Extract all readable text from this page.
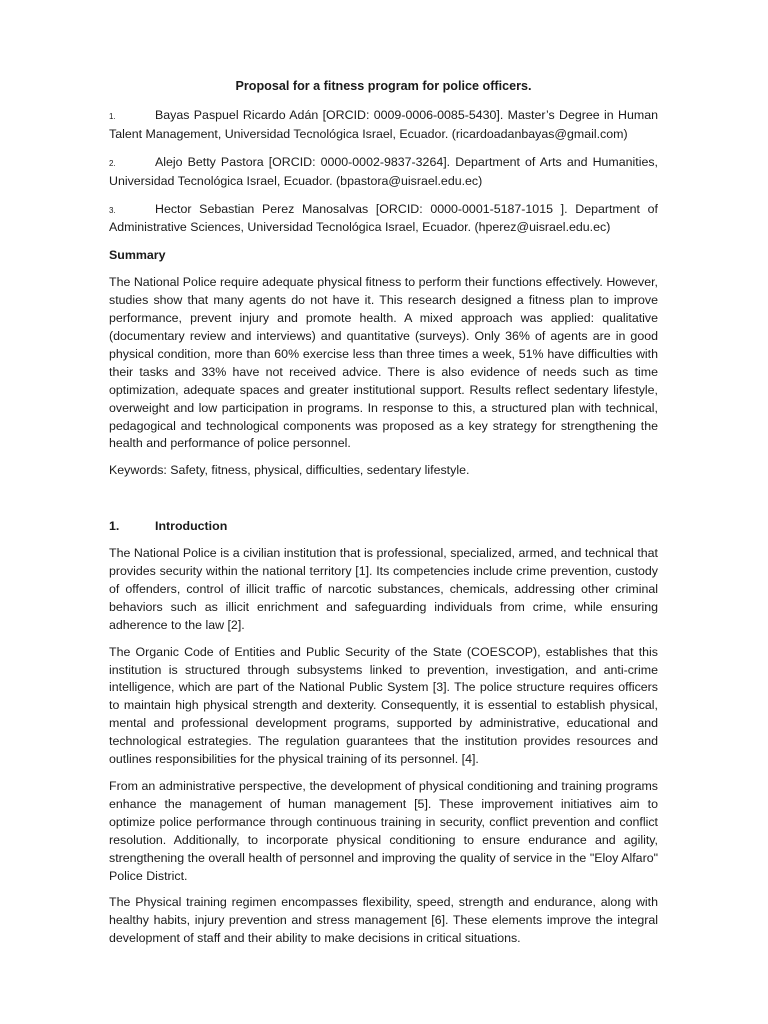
Proposal for a fitness program for police officers.
1.	Bayas Paspuel Ricardo Adán [ORCID: 0009-0006-0085-5430]. Master’s Degree in Human Talent Management, Universidad Tecnológica Israel, Ecuador. (ricardoadanbayas@gmail.com)
2.	Alejo Betty Pastora [ORCID: 0000-0002-9837-3264]. Department of Arts and Humanities, Universidad Tecnológica Israel, Ecuador. (bpastora@uisrael.edu.ec)
3.	Hector Sebastian Perez Manosalvas [ORCID: 0000-0001-5187-1015 ]. Department of Administrative Sciences, Universidad Tecnológica Israel, Ecuador. (hperez@uisrael.edu.ec)
Summary

The National Police require adequate physical fitness to perform their functions effectively. However, studies show that many agents do not have it. This research designed a fitness plan to improve performance, prevent injury and promote health. A mixed approach was applied: qualitative (documentary review and interviews) and quantitative (surveys). Only 36% of agents are in good physical condition, more than 60% exercise less than three times a week, 51% have difficulties with their tasks and 33% have not received advice. There is also evidence of needs such as time optimization, adequate spaces and greater institutional support. Results reflect sedentary lifestyle, overweight and low participation in programs. In response to this, a structured plan with technical, pedagogical and technological components was proposed as a key strategy for strengthening the health and performance of police personnel.

Keywords: Safety, fitness, physical, difficulties, sedentary lifestyle.

1.	Introduction

The National Police is a civilian institution that is professional, specialized, armed, and technical that provides security within the national territory [1]. Its competencies include crime prevention, custody of offenders, control of illicit traffic of narcotic substances, chemicals, addressing other criminal behaviors such as illicit enrichment and safeguarding individuals from crime, while ensuring adherence to the law [2].

The Organic Code of Entities and Public Security of the State (COESCOP), establishes that this institution is structured through subsystems linked to prevention, investigation, and anti-crime intelligence, which are part of the National Public System [3]. The police structure requires officers to maintain high physical strength and dexterity. Consequently, it is essential to establish physical, mental and professional development programs, supported by administrative, educational and technological estrategies. The regulation guarantees that the institution provides resources and outlines responsibilities for the physical training of its personnel. [4].

From an administrative perspective, the development of physical conditioning and training programs enhance the management of human management [5]. These improvement initiatives aim to optimize police performance through continuous training in security, conflict prevention and conflict resolution. Additionally, to incorporate physical conditioning to ensure endurance and agility, strengthening the overall health of personnel and improving the quality of service in the "Eloy Alfaro" Police District.

The Physical training regimen encompasses flexibility, speed, strength and endurance, along with healthy habits, injury prevention and stress management [6]. These elements improve the integral development of staff and their ability to make decisions in critical situations.
